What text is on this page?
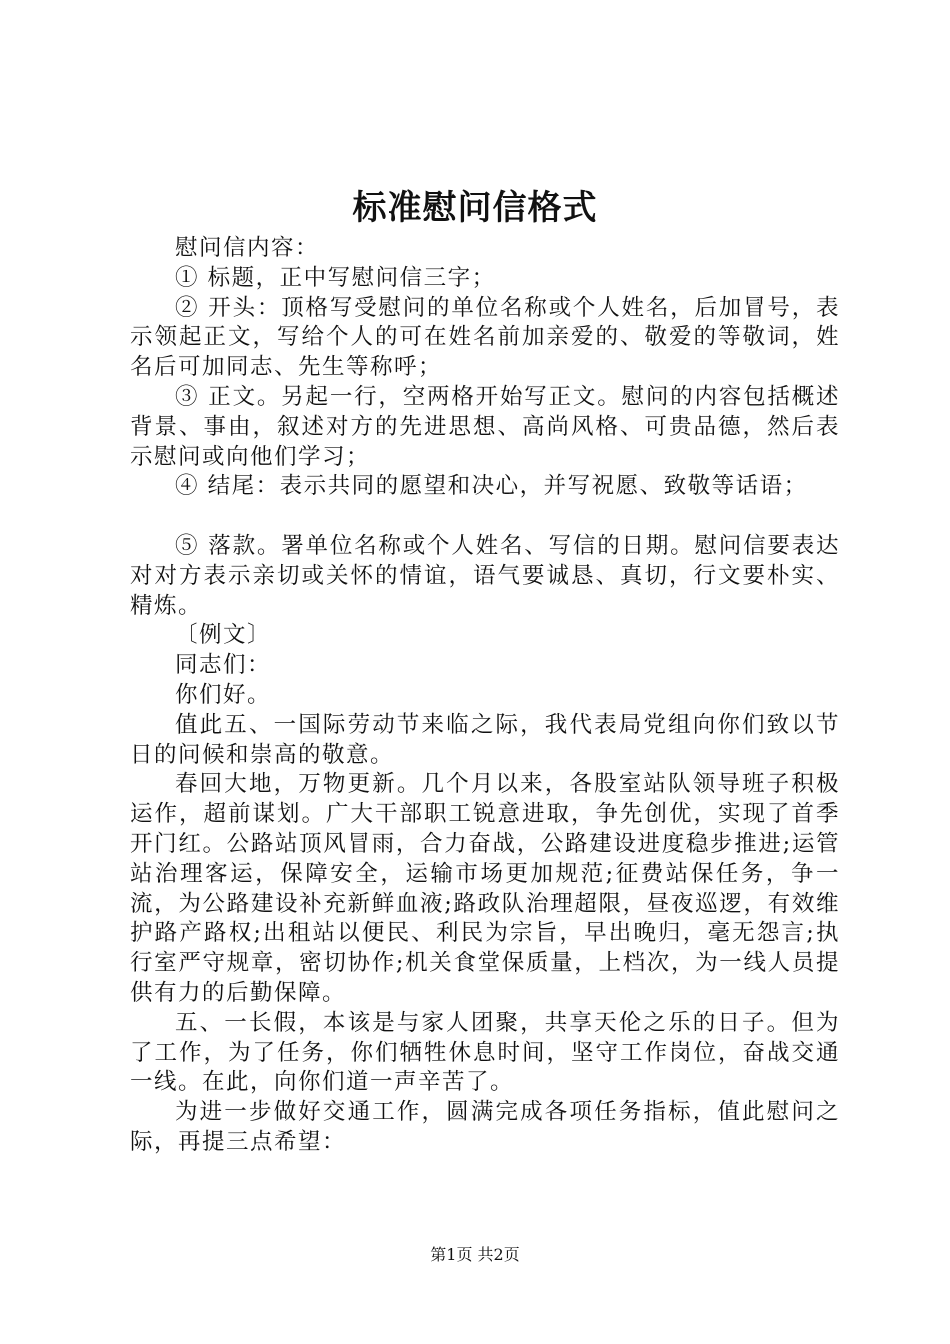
标准慰问信格式

慰问信内容：

① 标题，正中写慰问信三字；

② 开头：顶格写受慰问的单位名称或个人姓名，后加冒号，表示领起正文，写给个人的可在姓名前加亲爱的、敬爱的等敬词，姓名后可加同志、先生等称呼；

③ 正文。另起一行，空两格开始写正文。慰问的内容包括概述背景、事由，叙述对方的先进思想、高尚风格、可贵品德，然后表示慰问或向他们学习；

④ 结尾：表示共同的愿望和决心，并写祝愿、致敬等话语；

⑤ 落款。署单位名称或个人姓名、写信的日期。慰问信要表达对对方表示亲切或关怀的情谊，语气要诚恳、真切，行文要朴实、精炼。

〔例文〕

同志们：

你们好。

值此五、一国际劳动节来临之际，我代表局党组向你们致以节日的问候和崇高的敬意。

春回大地，万物更新。几个月以来，各股室站队领导班子积极运作，超前谋划。广大干部职工锐意进取，争先创优，实现了首季开门红。公路站顶风冒雨，合力奋战，公路建设进度稳步推进;运管站治理客运，保障安全，运输市场更加规范;征费站保任务，争一流，为公路建设补充新鲜血液;路政队治理超限，昼夜巡逻，有效维护路产路权;出租站以便民、利民为宗旨，早出晚归，毫无怨言;执行室严守规章，密切协作;机关食堂保质量，上档次，为一线人员提供有力的后勤保障。

五、一长假，本该是与家人团聚，共享天伦之乐的日子。但为了工作，为了任务，你们牺牲休息时间，坚守工作岗位，奋战交通一线。在此，向你们道一声辛苦了。

为进一步做好交通工作，圆满完成各项任务指标，值此慰问之际，再提三点希望：

第1页 共2页
